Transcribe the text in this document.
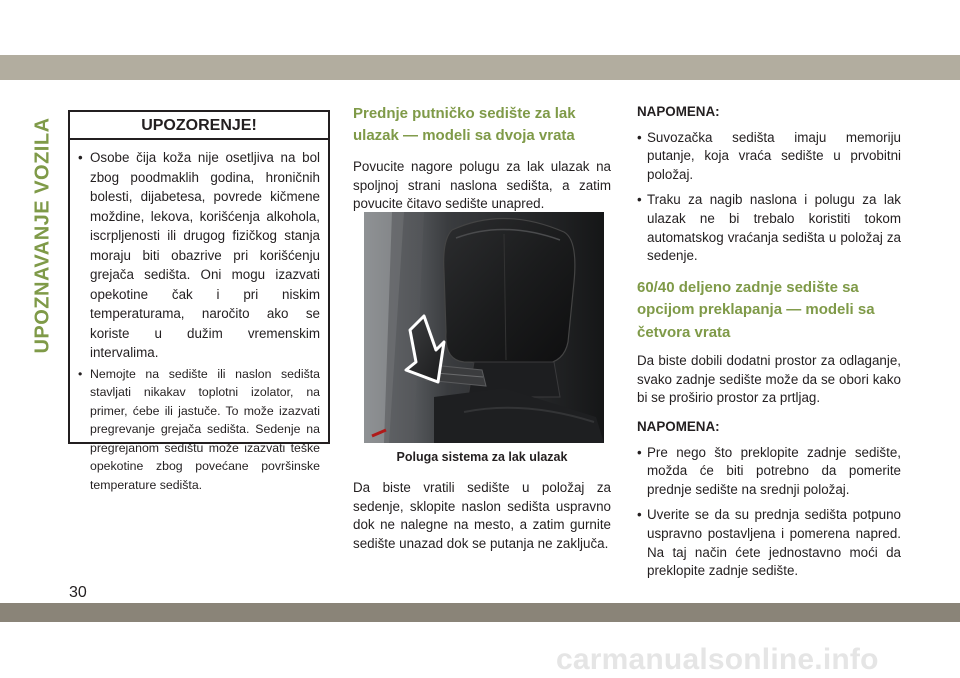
UPOZNAVANJE VOZILA	UPOZORENJE!
• Osobe čija koža nije osetljiva na bol zbog poodmaklih godina, hroničnih bolesti, dijabetesa, povrede kičmene moždine, lekova, korišćenja alkohola, iscrpljenosti ili drugog fizičkog stanja moraju biti obazrive pri korišćenju grejača sedišta. Oni mogu izazvati opekotine čak i pri niskim temperaturama, naročito ako se koriste u dužim vremenskim intervalima.
• Nemojte na sedište ili naslon sedišta stavljati nikakav toplotni izolator, na primer, ćebe ili jastuče. To može izazvati pregrevanje grejača sedišta. Sedenje na pregrejanom sedištu može izazvati teške opekotine zbog povećane površinske temperature sedišta.
Prednje putničko sedište za lak ulazak — modeli sa dvoja vrata

Povucite nagore polugu za lak ulazak na spoljnoj strani naslona sedišta, a zatim povucite čitavo sedište unapred.

Poluga sistema za lak ulazak

Da biste vratili sedište u položaj za sedenje, sklopite naslon sedišta uspravno dok ne nalegne na mesto, a zatim gurnite sedište unazad dok se putanja ne zaključa.

NAPOMENA:

• Suvozačka sedišta imaju memoriju putanje, koja vraća sedište u prvobitni položaj.
• Traku za nagib naslona i polugu za lak ulazak ne bi trebalo koristiti tokom automatskog vraćanja sedišta u položaj za sedenje.
60/40 deljeno zadnje sedište sa opcijom preklapanja — modeli sa četvora vrata

Da biste dobili dodatni prostor za odlaganje, svako zadnje sedište može da se obori kako bi se proširio prostor za prtljag.

NAPOMENA:

• Pre nego što preklopite zadnje sedište, možda će biti potrebno da pomerite prednje sedište na srednji položaj.
• Uverite se da su prednja sedišta potpuno uspravno postavljena i pomerena napred. Na taj način ćete jednostavno moći da preklopite zadnje sedište.
30
carmanualsonline.info
